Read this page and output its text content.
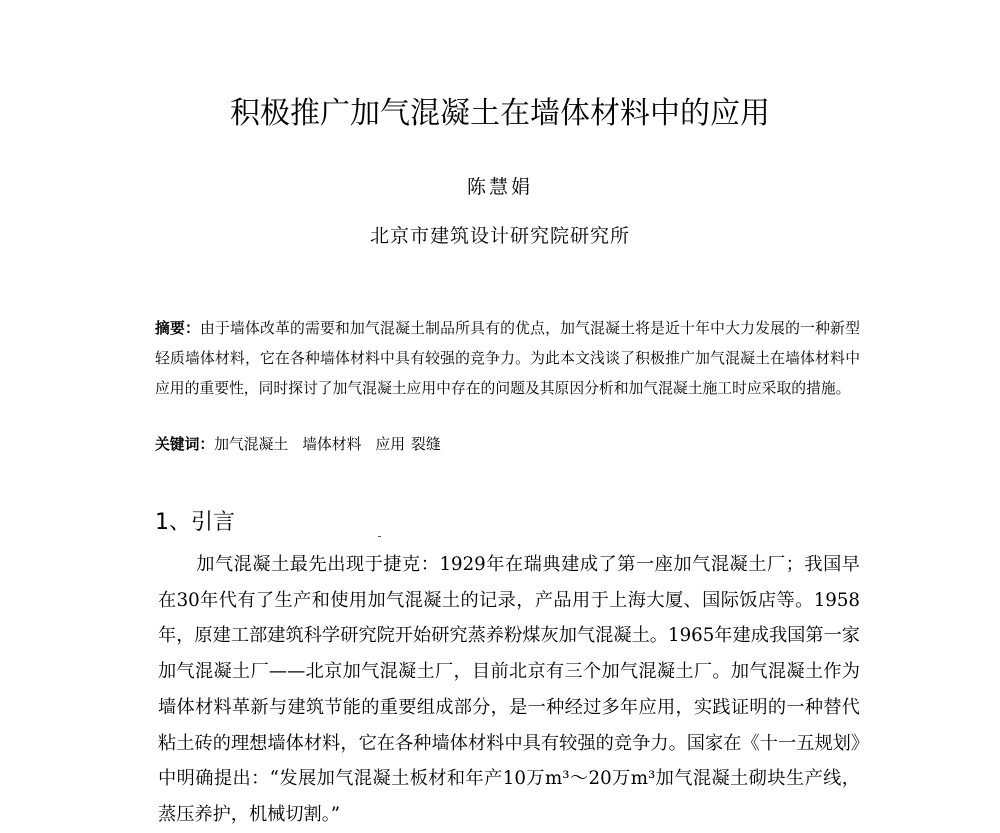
积极推广加气混凝土在墙体材料中的应用
陈慧娟
北京市建筑设计研究院研究所
摘要：由于墙体改革的需要和加气混凝土制品所具有的优点，加气混凝土将是近十年中大力发展的一种新型轻质墙体材料，它在各种墙体材料中具有较强的竞争力。为此本文浅谈了积极推广加气混凝土在墙体材料中应用的重要性，同时探讨了加气混凝土应用中存在的问题及其原因分析和加气混凝土施工时应采取的措施。
关键词：加气混凝土 墙体材料 应用 裂缝
1、引言
加气混凝土最先出现于捷克：1929年在瑞典建成了第一座加气混凝土厂；我国早在30年代有了生产和使用加气混凝土的记录，产品用于上海大厦、国际饭店等。1958年，原建工部建筑科学研究院开始研究蒸养粉煤灰加气混凝土。1965年建成我国第一家加气混凝土厂——北京加气混凝土厂，目前北京有三个加气混凝土厂。加气混凝土作为墙体材料革新与建筑节能的重要组成部分，是一种经过多年应用，实践证明的一种替代粘土砖的理想墙体材料，它在各种墙体材料中具有较强的竞争力。国家在《十一五规划》中明确提出：“发展加气混凝土板材和年产10万m³～20万m³加气混凝土砌块生产线，蒸压养护，机械切割。”
